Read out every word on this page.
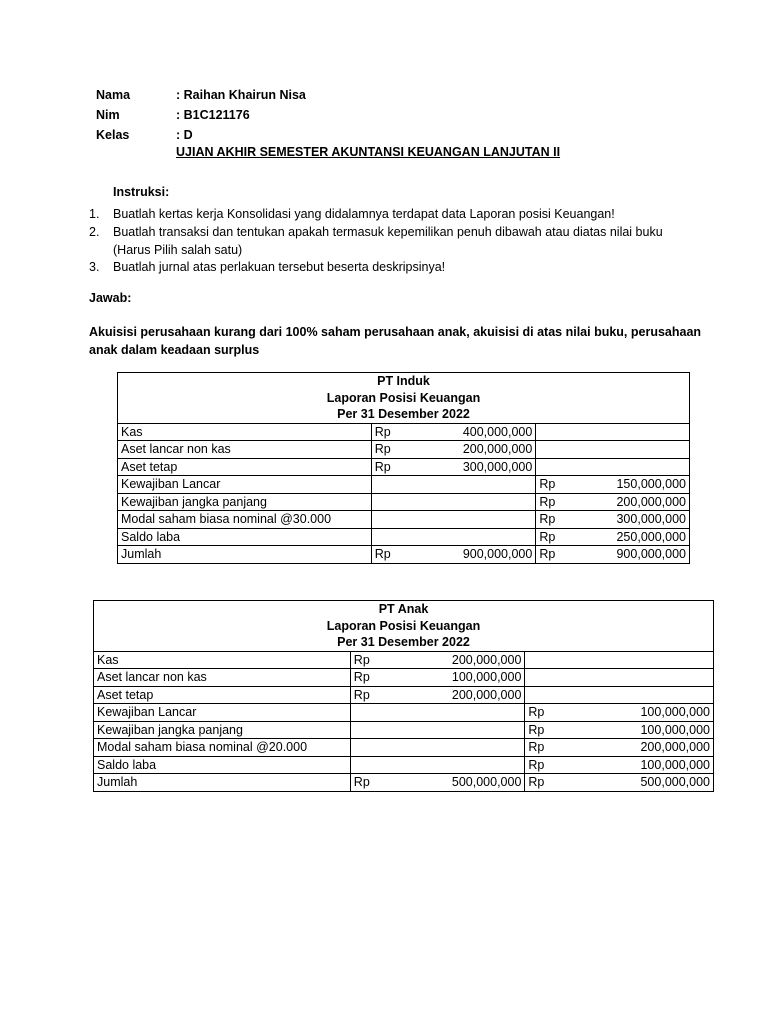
Nama	: Raihan Khairun Nisa
Nim	: B1C121176
Kelas	: D
UJIAN AKHIR SEMESTER AKUNTANSI KEUANGAN LANJUTAN II
Instruksi:
1. Buatlah kertas kerja Konsolidasi yang didalamnya terdapat data Laporan posisi Keuangan!
2. Buatlah transaksi dan tentukan apakah termasuk kepemilikan penuh dibawah atau diatas nilai buku (Harus Pilih salah satu)
3. Buatlah jurnal atas perlakuan tersebut beserta deskripsinya!
Jawab:
Akuisisi perusahaan kurang dari 100% saham perusahaan anak, akuisisi di atas nilai buku, perusahaan anak dalam keadaan surplus
PT Induk				
Laporan Posisi Keuangan				
Per 31 Desember 2022				
Kas	Rp	400,000,000		
Aset lancar non kas	Rp	200,000,000		
Aset tetap	Rp	300,000,000		
Kewajiban Lancar			Rp	150,000,000
Kewajiban jangka panjang			Rp	200,000,000
Modal saham biasa nominal @30.000			Rp	300,000,000
Saldo laba			Rp	250,000,000
Jumlah	Rp	900,000,000	Rp	900,000,000
PT Anak				
Laporan Posisi Keuangan				
Per 31 Desember 2022				
Kas	Rp	200,000,000		
Aset lancar non kas	Rp	100,000,000		
Aset tetap	Rp	200,000,000		
Kewajiban Lancar			Rp	100,000,000
Kewajiban jangka panjang			Rp	100,000,000
Modal saham biasa nominal @20.000			Rp	200,000,000
Saldo laba			Rp	100,000,000
Jumlah	Rp	500,000,000	Rp	500,000,000
